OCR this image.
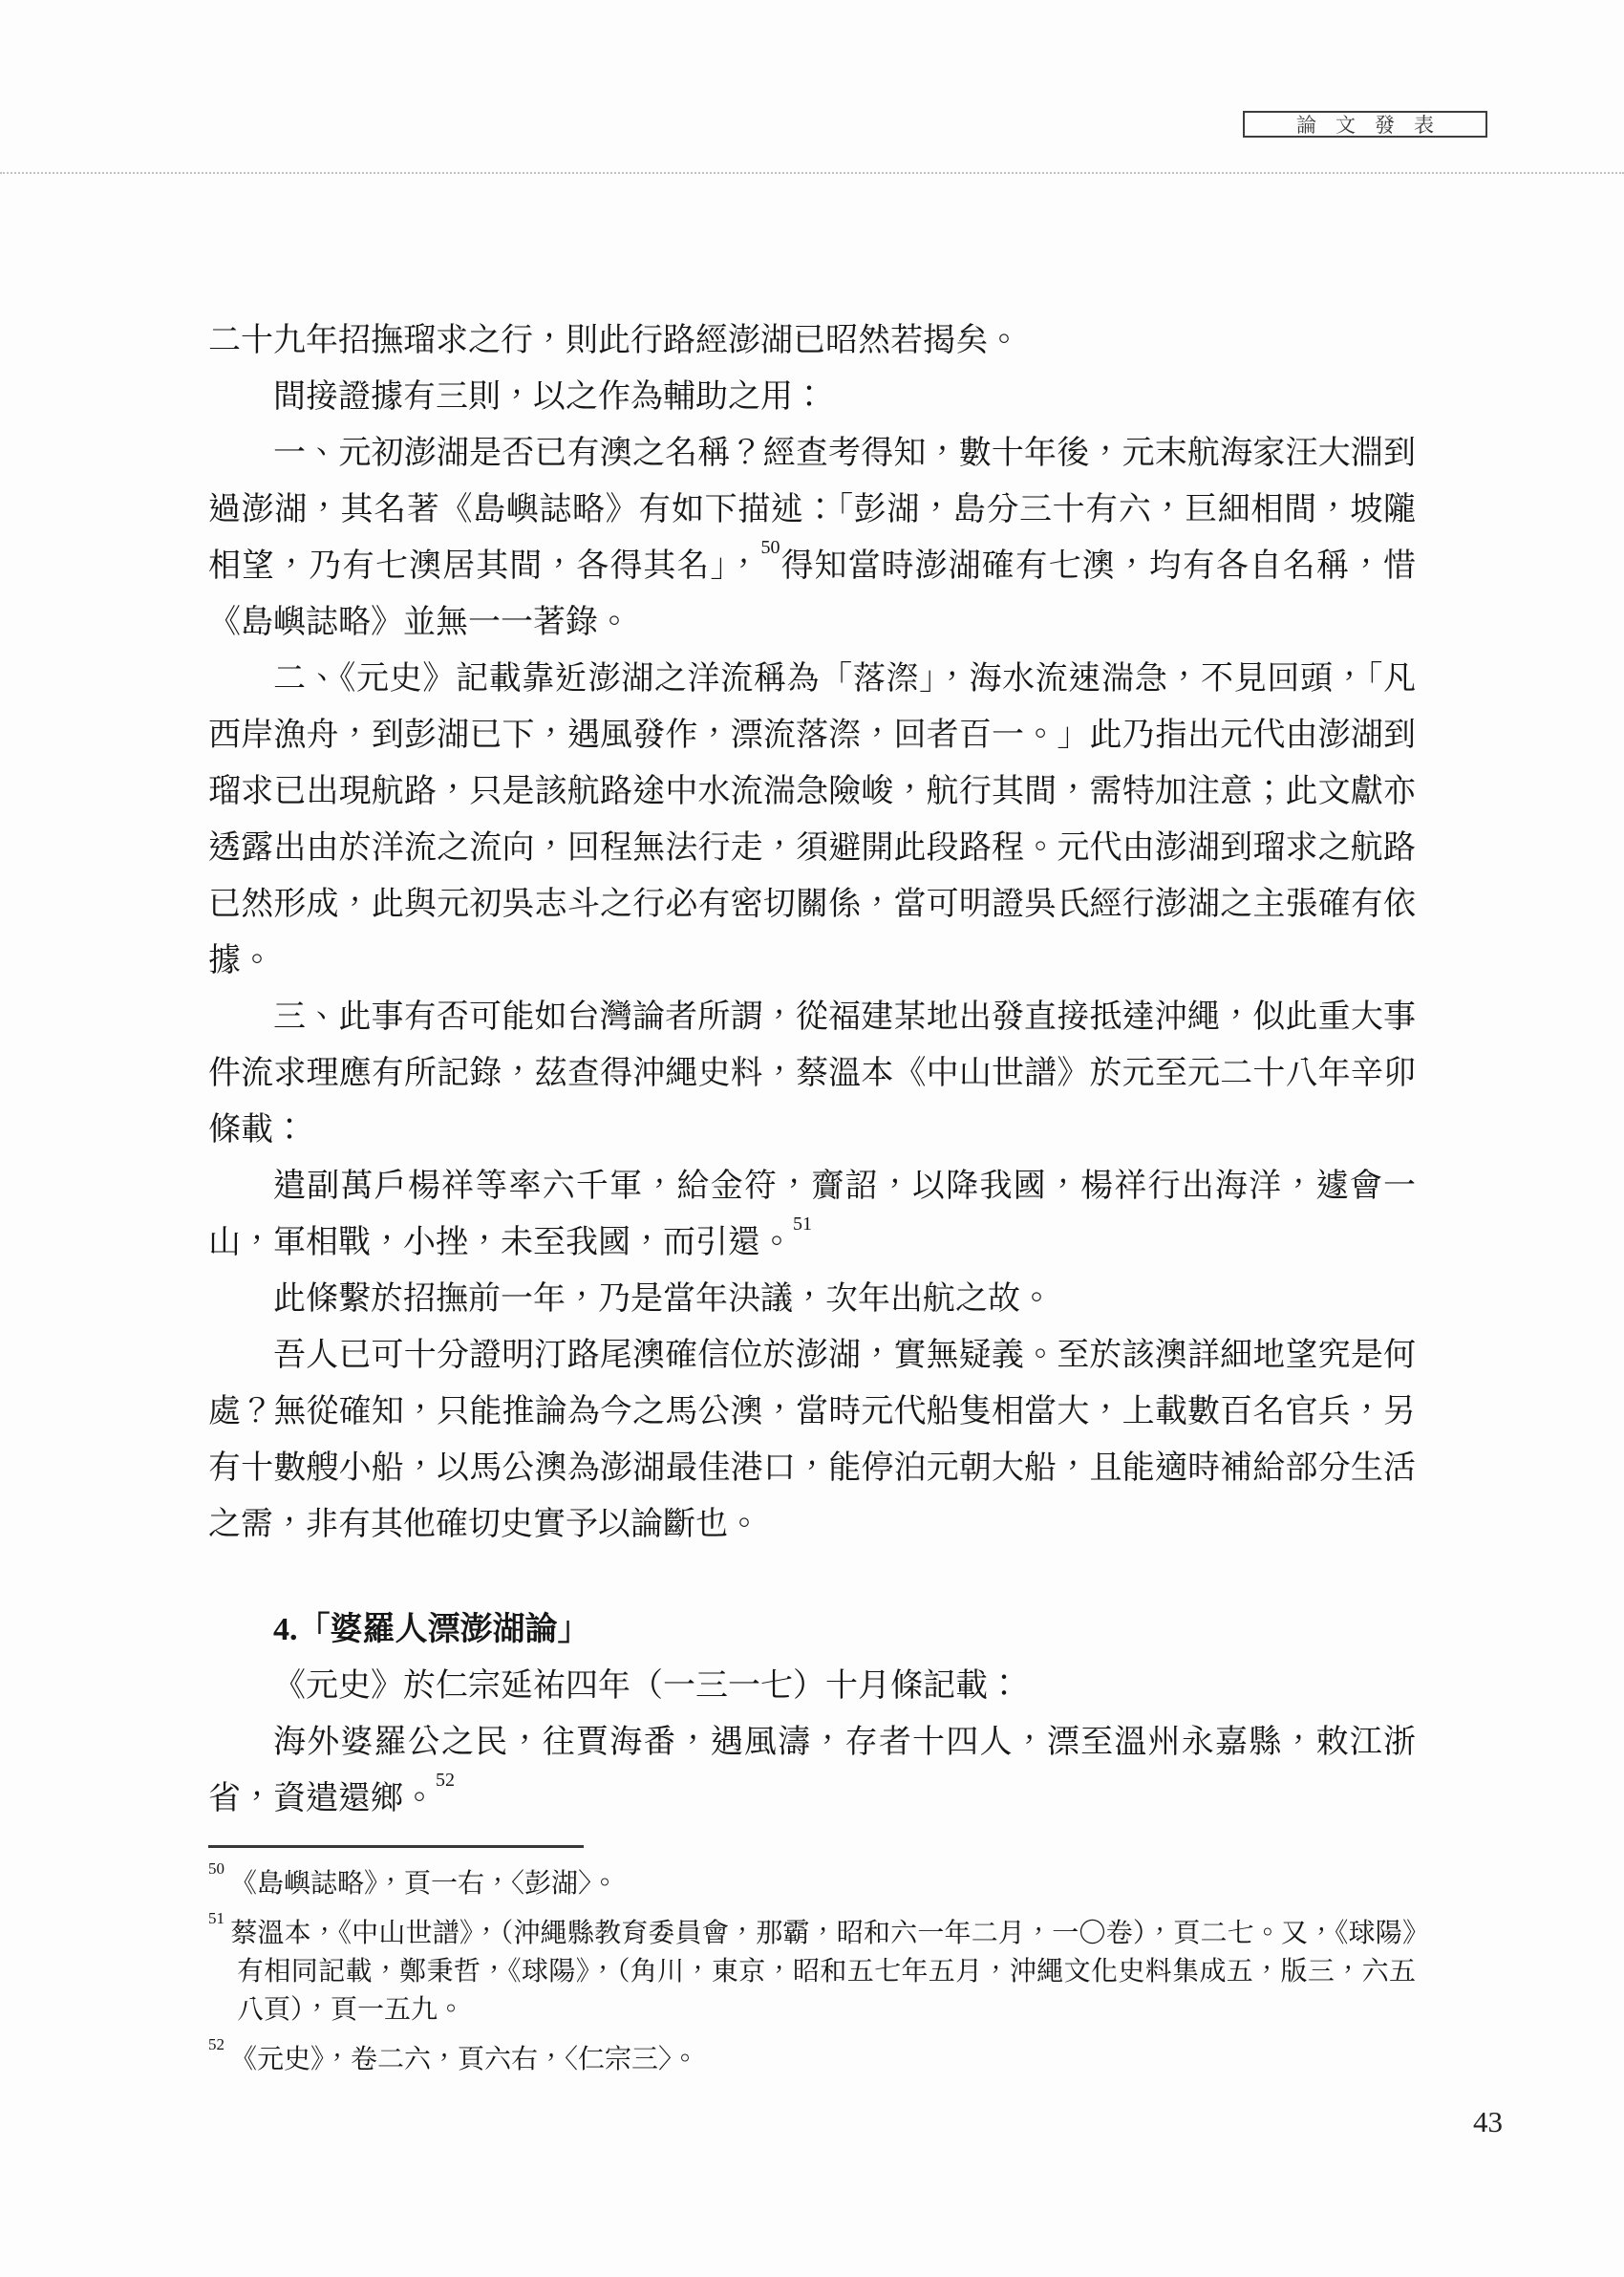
論文發表

二十九年招撫瑠求之行，則此行路經澎湖已昭然若揭矣。

間接證據有三則，以之作為輔助之用：

一、元初澎湖是否已有澳之名稱？經查考得知，數十年後，元末航海家汪大淵到過澎湖，其名著《島嶼誌略》有如下描述：「彭湖，島分三十有六，巨細相間，坡隴相望，乃有七澳居其間，各得其名」，$^{50}$得知當時澎湖確有七澳，均有各自名稱，惜《島嶼誌略》並無一一著錄。

二、《元史》記載靠近澎湖之洋流稱為「落漈」，海水流速湍急，不見回頭，「凡西岸漁舟，到彭湖已下，遇風發作，漂流落漈，回者百一。」此乃指出元代由澎湖到瑠求已出現航路，只是該航路途中水流湍急險峻，航行其間，需特加注意；此文獻亦透露出由於洋流之流向，回程無法行走，須避開此段路程。元代由澎湖到瑠求之航路已然形成，此與元初吳志斗之行必有密切關係，當可明證吳氏經行澎湖之主張確有依據。

三、此事有否可能如台灣論者所謂，從福建某地出發直接抵達沖繩，似此重大事件流求理應有所記錄，茲查得沖繩史料，蔡溫本《中山世譜》於元至元二十八年辛卯條載：

遣副萬戶楊祥等率六千軍，給金符，齎詔，以降我國，楊祥行出海洋，遽會一山，軍相戰，小挫，未至我國，而引還。$^{51}$

此條繫於招撫前一年，乃是當年決議，次年出航之故。

吾人已可十分證明汀路尾澳確信位於澎湖，實無疑義。至於該澳詳細地望究是何處？無從確知，只能推論為今之馬公澳，當時元代船隻相當大，上載數百名官兵，另有十數艘小船，以馬公澳為澎湖最佳港口，能停泊元朝大船，且能適時補給部分生活之需，非有其他確切史實予以論斷也。

4.「婆羅人漂澎湖論」

《元史》於仁宗延祐四年（一三一七）十月條記載：

海外婆羅公之民，往賈海番，遇風濤，存者十四人，漂至溫州永嘉縣，敕江浙省，資遣還鄉。$^{52}$

$^{50}$《島嶼誌略》，頁一右，〈彭湖〉。
$^{51}$蔡溫本，《中山世譜》，（沖繩縣教育委員會，那霸，昭和六一年二月，一〇卷），頁二七。又，《球陽》有相同記載，鄭秉哲，《球陽》，（角川，東京，昭和五七年五月，沖繩文化史料集成五，版三，六五八頁），頁一五九。
$^{52}$《元史》，卷二六，頁六右，〈仁宗三〉。
43
